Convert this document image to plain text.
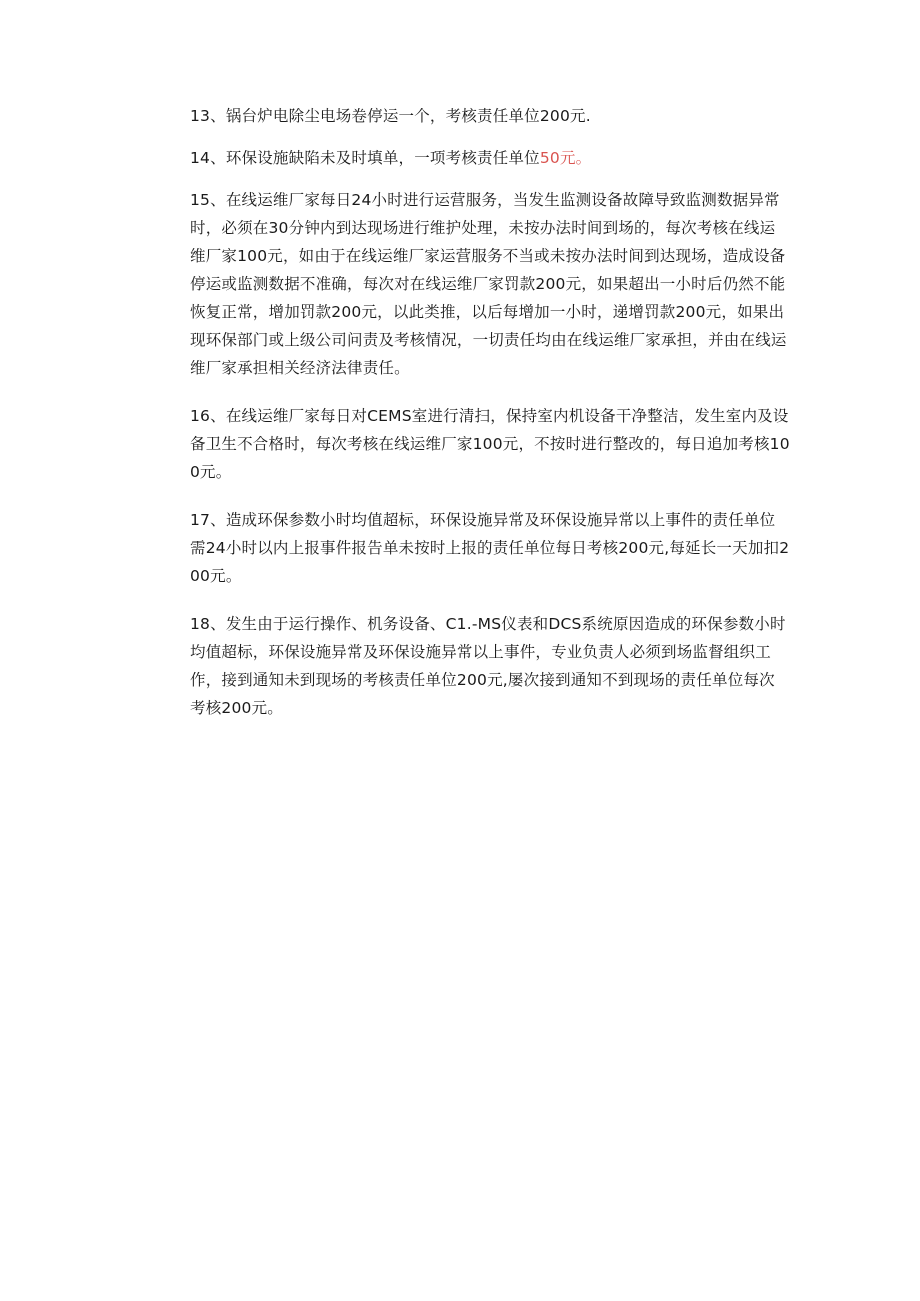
13、锅台炉电除尘电场卷停运一个，考核责任单位200元.

14、环保设施缺陷未及时填单，一项考核责任单位50元。

15、在线运维厂家每日24小时进行运营服务，当发生监测设备故障导致监测数据异常时，必须在30分钟内到达现场进行维护处理，未按办法时间到场的，每次考核在线运维厂家100元，如由于在线运维厂家运营服务不当或未按办法时间到达现场，造成设备停运或监测数据不准确，每次对在线运维厂家罚款200元，如果超出一小时后仍然不能恢复正常，增加罚款200元，以此类推，以后每增加一小时，递增罚款200元，如果出现环保部门或上级公司问责及考核情况，一切责任均由在线运维厂家承担，并由在线运维厂家承担相关经济法律责任。

16、在线运维厂家每日对CEMS室进行清扫，保持室内机设备干净整洁，发生室内及设备卫生不合格时，每次考核在线运维厂家100元，不按时进行整改的，每日追加考核100元。

17、造成环保参数小时均值超标，环保设施异常及环保设施异常以上事件的责任单位需24小时以内上报事件报告单未按时上报的责任单位每日考核200元,每延长一天加扣200元。

18、发生由于运行操作、机务设备、C1.-MS仪表和DCS系统原因造成的环保参数小时均值超标，环保设施异常及环保设施异常以上事件，专业负责人必须到场监督组织工作，接到通知未到现场的考核责任单位200元,屡次接到通知不到现场的责任单位每次考核200元。
